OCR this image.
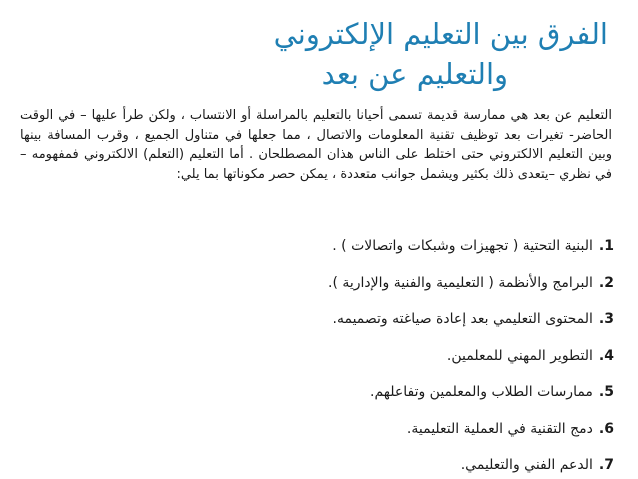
الفرق بين التعليم الإلكتروني
والتعليم عن بعد
التعليم عن بعد هي ممارسة قديمة تسمى أحيانا بالتعليم بالمراسلة أو الانتساب ، ولكن طرأ عليها – في الوقت الحاضر- تغيرات بعد توظيف تقنية المعلومات والاتصال ، مما جعلها في متناول الجميع ، وقرب المسافة بينها وبين التعليم الالكتروني حتى اختلط على الناس هذان المصطلحان . أما التعليم (التعلم) الالكتروني فمفهومه – في نظري –يتعدى ذلك بكثير ويشمل جوانب متعددة ، يمكن حصر مكوناتها بما يلي:
1.البنية التحتية ( تجهيزات وشبكات واتصالات ) .
2.البرامج والأنظمة ( التعليمية والفنية والإدارية ).
3.المحتوى التعليمي بعد إعادة صياغته وتصميمه.
4.التطوير المهني للمعلمين.
5.ممارسات الطلاب والمعلمين وتفاعلهم.
6.دمج التقنية في العملية التعليمية.
7.الدعم الفني والتعليمي.
